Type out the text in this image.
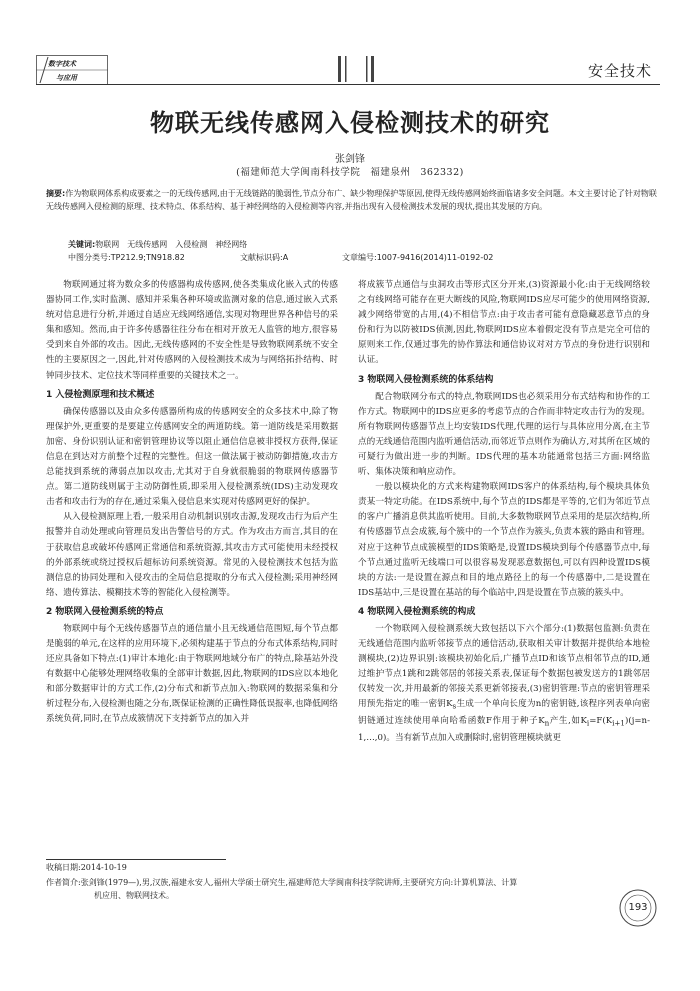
数字技术
与应用	安全技术
物联无线传感网入侵检测技术的研究
张剑锋
(福建师范大学闽南科技学院　福建泉州　362332)
摘要:作为物联网体系构成要素之一的无线传感网,由于无线链路的脆弱性,节点分布广、缺少物理保护等原因,使得无线传感网始终面临诸多安全问题。本文主要讨论了针对物联无线传感网入侵检测的原理、技术特点、体系结构、基于神经网络的入侵检测等内容,并指出现有入侵检测技术发展的现状,提出其发展的方向。
关键词:物联网　无线传感网　入侵检测　神经网络
中图分类号:TP212.9;TN918.82	文献标识码:A	文章编号:1007-9416(2014)11-0192-02

物联网通过将为数众多的传感器构成传感网,使各类集成化嵌入式的传感器协同工作,实时监测、感知并采集各种环境或监测对象的信息,通过嵌入式系统对信息进行分析,并通过自适应无线网络通信,实现对物理世界各种信号的采集和感知。然而,由于许多传感器往往分布在相对开放无人监管的地方,很容易受到来自外部的攻击。因此,无线传感网的不安全性是导致物联网系统不安全性的主要原因之一,因此,针对传感网的入侵检测技术成为与网络拓扑结构、时钟同步技术、定位技术等同样重要的关键技术之一。

1 入侵检测原理和技术概述

确保传感器以及由众多传感器所构成的传感网安全的众多技术中,除了物理保护外,更重要的是要建立传感网安全的两道防线。第一道防线是采用数据加密、身份识别认证和密钥管理协议等以阻止通信信息被非授权方获得,保证信息在到达对方前整个过程的完整性。但这一做法属于被动防御措施,攻击方总能找到系统的薄弱点加以攻击,尤其对于自身就很脆弱的物联网传感器节点。第二道防线则属于主动防御性质,即采用入侵检测系统(IDS)主动发现攻击者和攻击行为的存在,通过采集入侵信息来实现对传感网更好的保护。

从入侵检测原理上看,一般采用自动机制识别攻击源,发现攻击行为后产生报警并自动处理或向管理员发出告警信号的方式。作为攻击方而言,其目的在于获取信息或破坏传感网正常通信和系统资源,其攻击方式可能使用未经授权的外部系统或绕过授权后超标访问系统资源。常见的入侵检测技术包括为监测信息的协同处理和入侵攻击的全局信息提取的分布式入侵检测;采用神经网络、遗传算法、模糊技术等的智能化入侵检测等。

2 物联网入侵检测系统的特点

物联网中每个无线传感器节点的通信量小且无线通信范围短,每个节点都是脆弱的单元,在这样的应用环境下,必须构建基于节点的分布式体系结构,同时还应具备如下特点:(1)审计本地化:由于物联网地域分布广的特点,除基站外没有数据中心能够处理网络收集的全部审计数据,因此,物联网的IDS应以本地化和部分数据审计的方式工作,(2)分布式和新节点加入:物联网的数据采集和分析过程分布,入侵检测也随之分布,既保证检测的正确性降低误报率,也降低网络系统负荷,同时,在节点成簇情况下支持新节点的加入并

将成簇节点通信与虫洞攻击等形式区分开来,(3)资源最小化:由于无线网络较之有线网络可能存在更大断线的风险,物联网IDS应尽可能少的使用网络资源,减少网络带宽的占用,(4)不相信节点:由于攻击者可能有意隐藏恶意节点的身份和行为以防被IDS侦测,因此,物联网IDS应本着假定没有节点是完全可信的原则来工作,仅通过事先的协作算法和通信协议对对方节点的身份进行识别和认证。

3 物联网入侵检测系统的体系结构

配合物联网分布式的特点,物联网IDS也必须采用分布式结构和协作的工作方式。物联网中的IDS应更多的考虑节点的合作而非特定攻击行为的发现。所有物联网传感器节点上均安装IDS代理,代理的运行与具体应用分离,在主节点的无线通信范围内监听通信活动,而邻近节点则作为确认方,对其所在区域的可疑行为做出进一步的判断。IDS代理的基本功能通常包括三方面:网络监听、集体决策和响应动作。

一般以模块化的方式来构建物联网IDS客户的体系结构,每个模块具体负责某一特定功能。在IDS系统中,每个节点的IDS都是平等的,它们为邻近节点的客户广播消息供其监听使用。目前,大多数物联网节点采用的是层次结构,所有传感器节点会成簇,每个簇中的一个节点作为簇头,负责本簇的路由和管理。对应于这种节点成簇模型的IDS策略是,设置IDS模块到每个传感器节点中,每个节点通过监听无线端口可以很容易发现恶意数据包,可以有四种设置IDS模块的方法:一是设置在源点和目的地点路径上的每一个传感器中,二是设置在IDS基站中,三是设置在基站的每个临站中,四是设置在节点簇的簇头中。

4 物联网入侵检测系统的构成

一个物联网入侵检测系统大致包括以下六个部分:(1)数据包监测:负责在无线通信范围内监听邻接节点的通信活动,获取相关审计数据并提供给本地检测模块,(2)边界识别:该模块初始化后,广播节点ID和该节点相邻节点的ID,通过维护节点1跳和2跳邻居的邻接关系表,保证每个数据包被发送方的1跳邻居仅转发一次,并用最新的邻接关系更新邻接表,(3)密钥管理:节点的密钥管理采用预先指定的唯一密钥$K_s$生成一个单向长度为n的密钥链,该程序列表单向密钥链通过连续使用单向哈希函数F作用于种子$K_n$产生,如$K_i=F(K_{i+1})(j=n-1,\dots,0)$。当有新节点加入或删除时,密钥管理模块就更

收稿日期:2014-10-19
作者简介:张剑锋(1979—),男,汉族,福建永安人,福州大学硕士研究生,福建师范大学闽南科技学院讲师,主要研究方向:计算机算法、计算
机应用、物联网技术。
193
